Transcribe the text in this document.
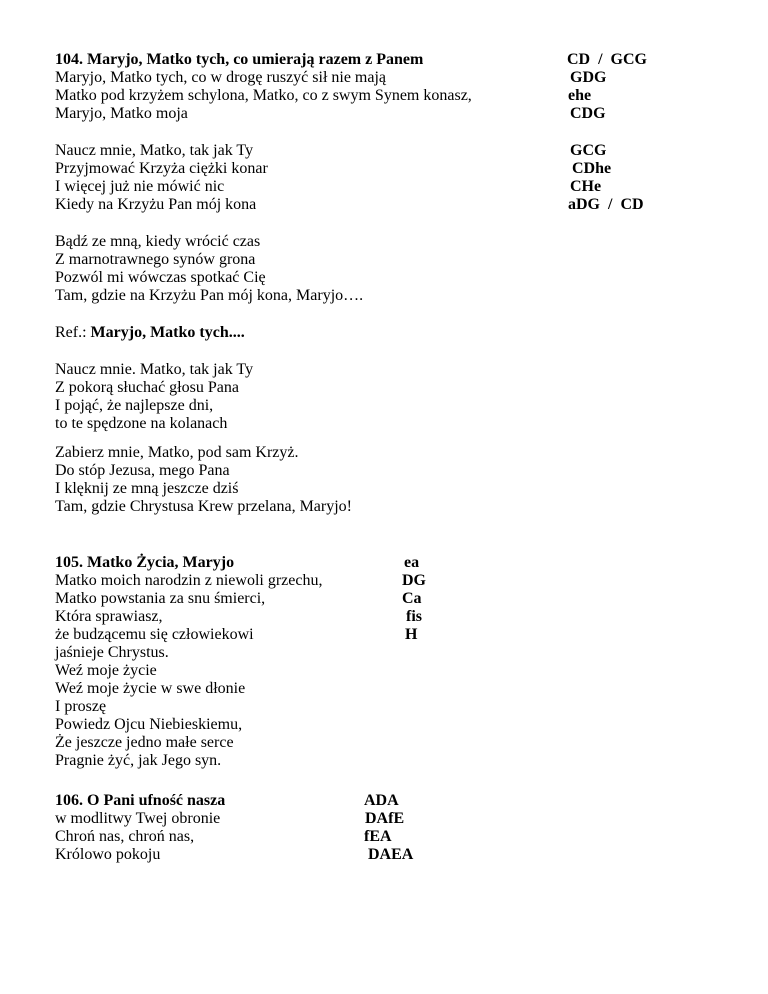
104. Maryjo, Matko tych, co umierają razem z Panem
Maryjo, Matko tych, co w drogę ruszyć sił nie mają
Matko pod krzyżem schylona, Matko, co z swym Synem konasz,
Maryjo, Matko moja
CD  /  GCG
GDG
ehe
CDG
Naucz mnie, Matko, tak jak Ty
Przyjmować Krzyża ciężki konar
I więcej już nie mówić nic
Kiedy na Krzyżu Pan mój kona
GCG
CDhe
CHe
aDG  /  CD
Bądź ze mną, kiedy wrócić czas
Z marnotrawnego synów grona
Pozwól mi wówczas spotkać Cię
Tam, gdzie na Krzyżu Pan mój kona, Maryjo….
Ref.: Maryjo, Matko tych....
Naucz mnie. Matko, tak jak Ty
Z pokorą słuchać głosu Pana
I pojąć, że najlepsze dni,
to te spędzone na kolanach
Zabierz mnie, Matko, pod sam Krzyż.
Do stóp Jezusa, mego Pana
I klęknij ze mną jeszcze dziś
Tam, gdzie Chrystusa Krew przelana, Maryjo!
105. Matko Życia, Maryjo
Matko moich narodzin z niewoli grzechu,
Matko powstania za snu śmierci,
Która sprawiasz,
że budzącemu się człowiekowi
jaśnieje Chrystus.
Weź moje życie
Weź moje życie w swe dłonie
I proszę
Powiedz Ojcu Niebieskiemu,
Że jeszcze jedno małe serce
Pragnie żyć, jak Jego syn.
ea
DG
Ca
fis
H
106. O Pani ufność nasza
w modlitwy Twej obronie
Chroń nas, chroń nas,
Królowo pokoju
ADA
DAfE
fEA
DAEA
